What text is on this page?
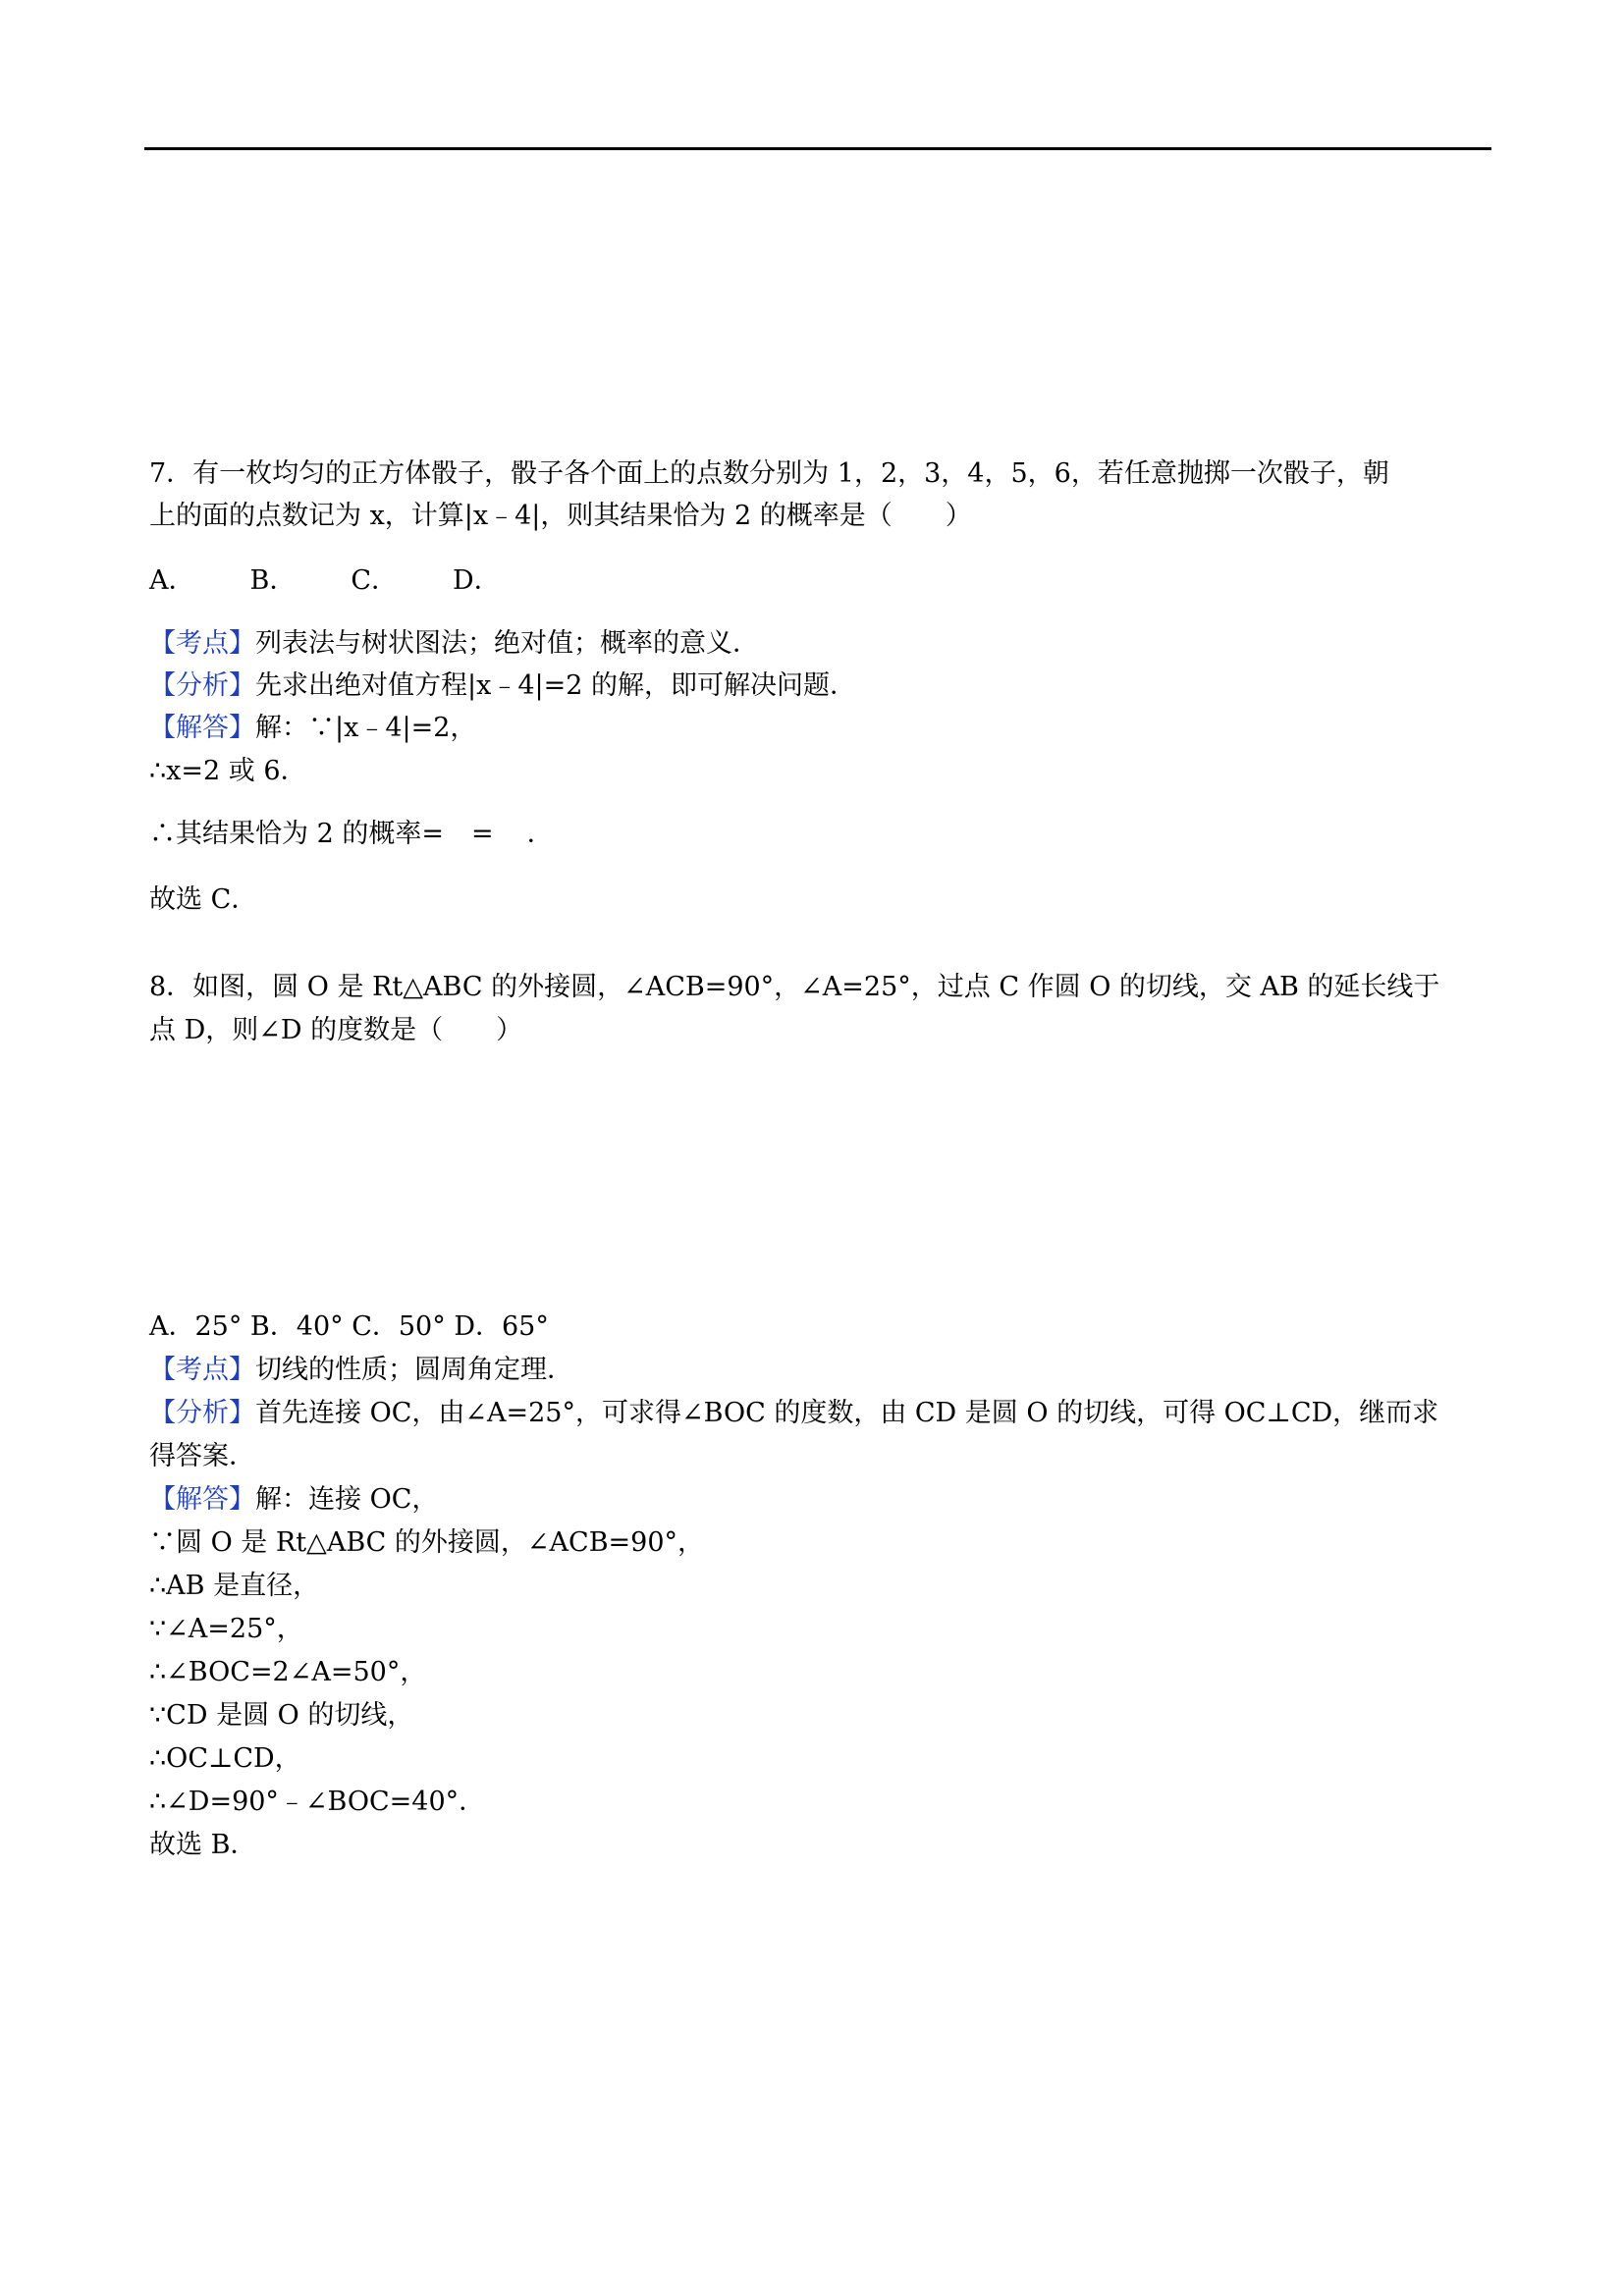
7．有一枚均匀的正方体骰子，骰子各个面上的点数分别为 1，2，3，4，5，6，若任意抛掷一次骰子，朝
上的面的点数记为 x，计算|x﹣4|，则其结果恰为 2 的概率是（　　）
A． B． C． D．
【考点】列表法与树状图法；绝对值；概率的意义．
【分析】先求出绝对值方程|x﹣4|=2 的解，即可解决问题．
【解答】解：∵|x﹣4|=2，
∴x=2 或 6．
∴其结果恰为 2 的概率= = ．
故选 C．
8．如图，圆 O 是 Rt△ABC 的外接圆，∠ACB=90°，∠A=25°，过点 C 作圆 O 的切线，交 AB 的延长线于
点 D，则∠D 的度数是（　　）
A．25° B．40° C．50° D．65°
【考点】切线的性质；圆周角定理．
【分析】首先连接 OC，由∠A=25°，可求得∠BOC 的度数，由 CD 是圆 O 的切线，可得 OC⊥CD，继而求
得答案．
【解答】解：连接 OC，
∵圆 O 是 Rt△ABC 的外接圆，∠ACB=90°，
∴AB 是直径，
∵∠A=25°，
∴∠BOC=2∠A=50°，
∵CD 是圆 O 的切线，
∴OC⊥CD，
∴∠D=90°﹣∠BOC=40°．
故选 B．
